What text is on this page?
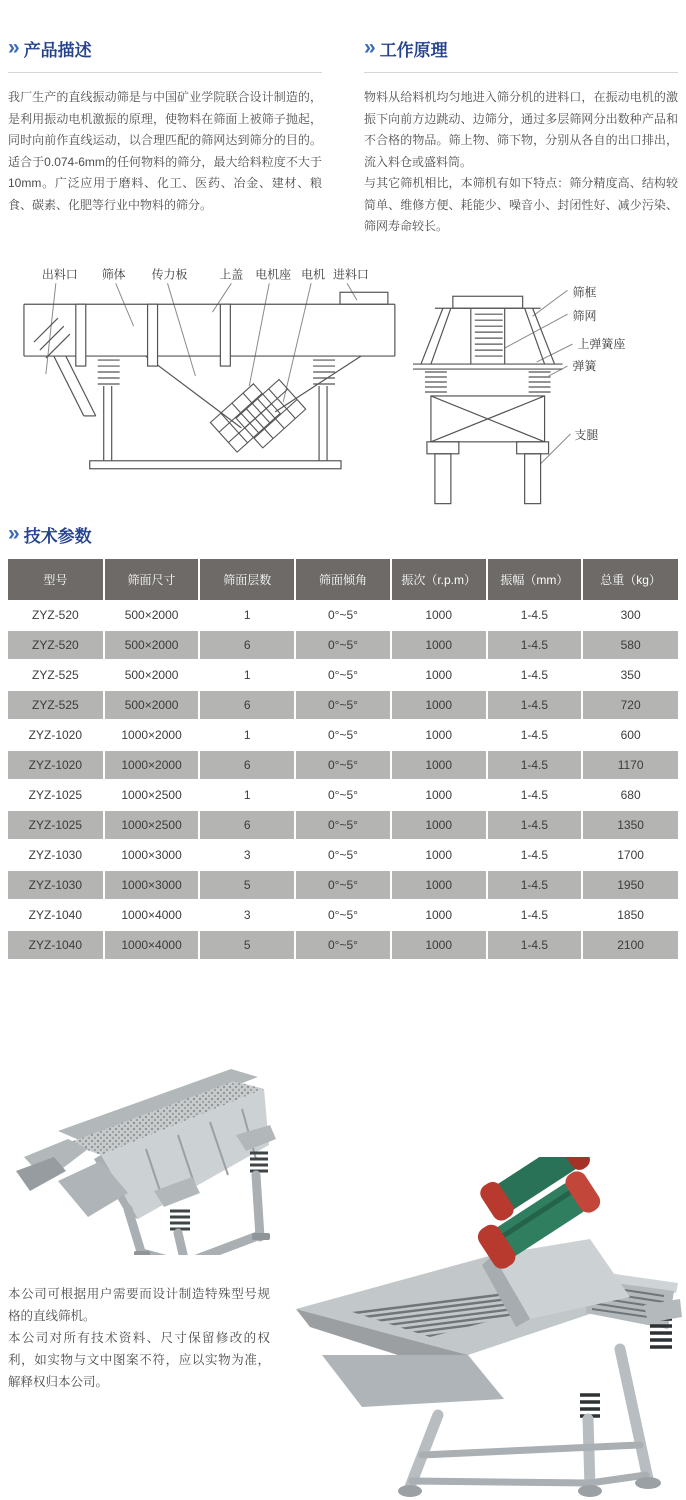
» 产品描述

我厂生产的直线振动筛是与中国矿业学院联合设计制造的，是利用振动电机激振的原理，使物料在筛面上被筛子抛起，同时向前作直线运动，以合理匹配的筛网达到筛分的目的。适合于0.074-6mm的任何物料的筛分，最大给料粒度不大于10mm。广泛应用于磨料、化工、医药、冶金、建材、粮食、碳素、化肥等行业中物料的筛分。

» 工作原理

物料从给料机均匀地进入筛分机的进料口，在振动电机的激振下向前方边跳动、边筛分，通过多层筛网分出数种产品和不合格的物品。筛上物、筛下物，分别从各自的出口排出，流入料仓或盛料筒。

与其它筛机相比，本筛机有如下特点：筛分精度高、结构较简单、维修方便、耗能少、噪音小、封闭性好、减少污染、筛网寿命较长。

出料口 筛体 传力板	上盖 电机座 电机 进料口
筛框
筛网
上弹簧座
弹簧
支腿
» 技术参数
型号	筛面尺寸	筛面层数	筛面倾角	振次（r.p.m）	振幅（mm）	总重（kg）
ZYZ-520	500×2000	1	0°~5°	1000	1-4.5	300
ZYZ-520	500×2000	6	0°~5°	1000	1-4.5	580
ZYZ-525	500×2000	1	0°~5°	1000	1-4.5	350
ZYZ-525	500×2000	6	0°~5°	1000	1-4.5	720
ZYZ-1020	1000×2000	1	0°~5°	1000	1-4.5	600
ZYZ-1020	1000×2000	6	0°~5°	1000	1-4.5	1170
ZYZ-1025	1000×2500	1	0°~5°	1000	1-4.5	680
ZYZ-1025	1000×2500	6	0°~5°	1000	1-4.5	1350
ZYZ-1030	1000×3000	3	0°~5°	1000	1-4.5	1700
ZYZ-1030	1000×3000	5	0°~5°	1000	1-4.5	1950
ZYZ-1040	1000×4000	3	0°~5°	1000	1-4.5	1850
ZYZ-1040	1000×4000	5	0°~5°	1000	1-4.5	2100

本公司可根据用户需要而设计制造特殊型号规格的直线筛机。

本公司对所有技术资料、尺寸保留修改的权利，如实物与文中图案不符，应以实物为准，解释权归本公司。
